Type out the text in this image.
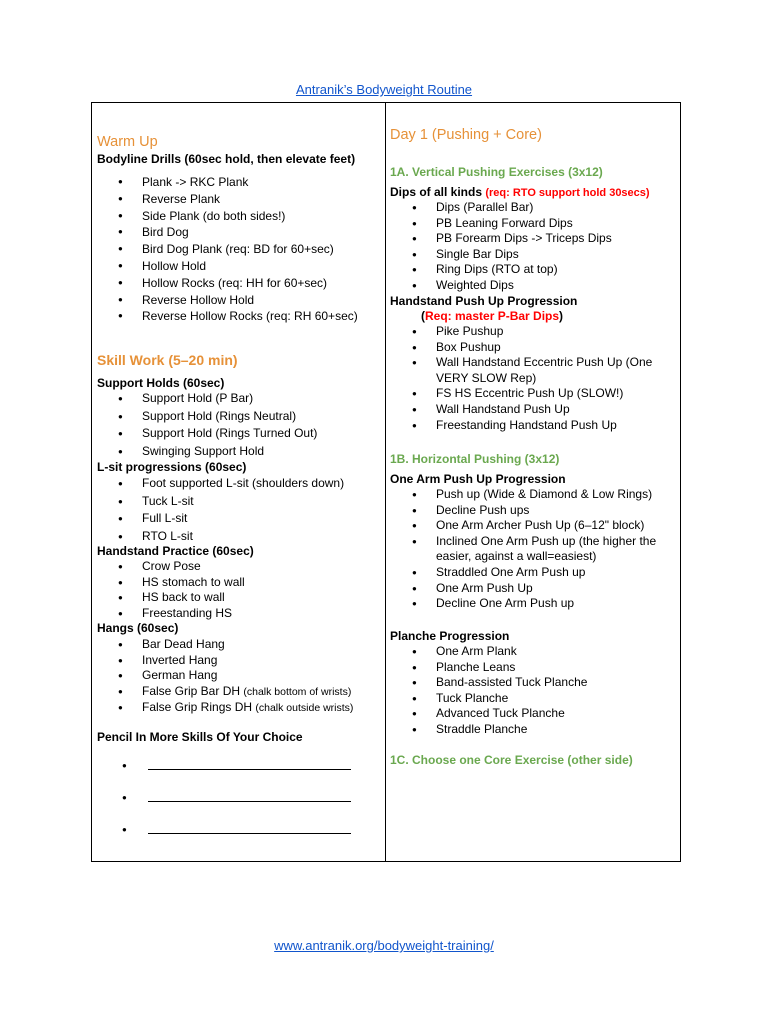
Antranik’s Bodyweight Routine
Warm Up
Bodyline Drills (60sec hold, then elevate feet)
● Plank -> RKC Plank
● Reverse Plank
● Side Plank (do both sides!)
● Bird Dog
● Bird Dog Plank (req: BD for 60+sec)
● Hollow Hold
● Hollow Rocks (req: HH for 60+sec)
● Reverse Hollow Hold
● Reverse Hollow Rocks (req: RH 60+sec)
Skill Work (5–20 min)
Support Holds (60sec)
● Support Hold (P Bar)
● Support Hold (Rings Neutral)
● Support Hold (Rings Turned Out)
● Swinging Support Hold
L-sit progressions (60sec)
● Foot supported L-sit (shoulders down)
● Tuck L-sit
● Full L-sit
● RTO L-sit
Handstand Practice (60sec)
● Crow Pose
● HS stomach to wall
● HS back to wall
● Freestanding HS
Hangs (60sec)
● Bar Dead Hang
● Inverted Hang
● German Hang
● False Grip Bar DH (chalk bottom of wrists)
● False Grip Rings DH (chalk outside wrists)
Pencil In More Skills Of Your Choice
●
●
●
Day 1 (Pushing + Core)
1A. Vertical Pushing Exercises (3x12)
Dips of all kinds (req: RTO support hold 30secs)
● Dips (Parallel Bar)
● PB Leaning Forward Dips
● PB Forearm Dips -> Triceps Dips
● Single Bar Dips
● Ring Dips (RTO at top)
● Weighted Dips
Handstand Push Up Progression
(Req: master P-Bar Dips)
● Pike Pushup
● Box Pushup
● Wall Handstand Eccentric Push Up (One
VERY SLOW Rep)
● FS HS Eccentric Push Up (SLOW!)
● Wall Handstand Push Up
● Freestanding Handstand Push Up
1B. Horizontal Pushing (3x12)
One Arm Push Up Progression
● Push up (Wide & Diamond & Low Rings)
● Decline Push ups
● One Arm Archer Push Up (6–12" block)
● Inclined One Arm Push up (the higher the
easier, against a wall=easiest)
● Straddled One Arm Push up
● One Arm Push Up
● Decline One Arm Push up
Planche Progression
● One Arm Plank
● Planche Leans
● Band-assisted Tuck Planche
● Tuck Planche
● Advanced Tuck Planche
● Straddle Planche
1C. Choose one Core Exercise (other side)
www.antranik.org/bodyweight-training/
